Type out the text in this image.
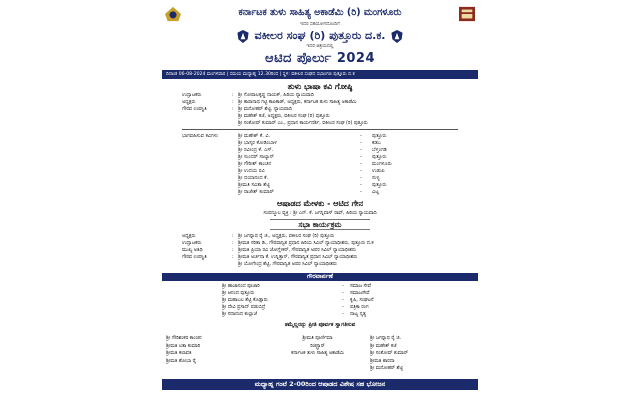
ಕರ್ನಾಟಕ ತುಳು ಸಾಹಿತ್ಯ ಅಕಾಡೆಮಿ (ರಿ) ಮಂಗಳೂರು
ಇದರ ಸಹಯೋಗದೊಂದಿಗೆ
ವಕೀಲರ ಸಂಘ (ರಿ) ಪುತ್ತೂರು ದ.ಕ.
ಇದರ ಆಶ್ರಯದಲ್ಲಿ
ಆಟಿದ ಪೊರ್ಲು 2024
ದಿನಾಂಕ 06-08-2024 ಮಂಗಳವಾರ | ಸಮಯ ಮಧ್ಯಾಹ್ನ 12.30ರಿಂದ | ಸ್ಥಳ: ವಕೀಲರ ಸಂಘದ ಸಭಾಂಗಣ ಪುತ್ತೂರು ದ.ಕ
ತುಳು ಭಾಷಾ ಕವಿ ಗೋಷ್ಠಿ
ಉದ್ಘಾಟಕರು	: ಶ್ರೀ ಗೋಪಾಲಕೃಷ್ಣ ನಾಯಕ್, ಹಿರಿಯ ನ್ಯಾಯವಾದಿ
ಅಧ್ಯಕ್ಷರು	: ಶ್ರೀ ತಾರಾನಾಥ ಗಟ್ಟಿ ಕಾಪಿಕಾಡ್, ಅಧ್ಯಕ್ಷರು, ಕರ್ನಾಟಕ ತುಳು ಸಾಹಿತ್ಯ ಅಕಾಡೆಮಿ
ಗೌರವ ಉಪಸ್ಥಿತಿ	: ಶ್ರೀ ಮನೋಹರ್ ಶೆಟ್ಟಿ, ನ್ಯಾಯವಾದಿ
ಶ್ರೀ ಮಹೇಶ್ ಕಜೆ, ಅಧ್ಯಕ್ಷರು, ವಕೀಲರ ಸಂಘ (ರಿ) ಪುತ್ತೂರು
ಶ್ರೀ ಸಂತೋಷ್ ಕುಮಾರ್ ಎಂ., ಪ್ರಧಾನ ಕಾರ್ಯದರ್ಶಿ, ವಕೀಲರ ಸಂಘ (ರಿ) ಪುತ್ತೂರು
ಭಾಗವಹಿಸುವ ಕವಿಗಳು	ಶ್ರೀ ಮಹೇಶ್ ಕೆ. ವಿ.	- ಪುತ್ತೂರು
ಶ್ರೀ ಭಾಸ್ಕರ ಕೋಡಿಂಬಾಳ	- ಕಡಬ
ಶ್ರೀ ರವೀಂದ್ರ ಕೆ. ಎಸ್.	- ಬೆಳ್ತಂಗಡಿ
ಶ್ರೀ ಸುಂದರ್ ಸಾಲ್ಯಾನ್	- ಪುತ್ತೂರು
ಶ್ರೀ ಗೌರೀಶ್ ಕಾಂಚನ	- ಮಂಗಳೂರು
ಶ್ರೀ ಉದಯ ರವಿ	- ಉಡುಪಿ
ಶ್ರೀ ದಯಾನಂದ ಕೆ.	- ಸುಳ್ಯ
ಶ್ರೀಮತಿ ಸವಿತಾ ಶೆಟ್ಟಿ	- ಪುತ್ತೂರು
ಶ್ರೀ ರಾಜೇಶ್ ಕುಮಾರ್	- ವಿಟ್ಲ
ಆಷಾಡದ ಮೇಳಕು - ಆಟಿದ ಗೇನ
ಸಂಪನ್ಮೂಲ ವ್ಯಕ್ತಿ : ಶ್ರೀ ಎನ್. ಕೆ. ಜಗನ್ನಿವಾಸ್ ರಾವ್, ಹಿರಿಯ ನ್ಯಾಯವಾದಿ
ಸಭಾ ಕಾರ್ಯಕ್ರಮ
ಅಧ್ಯಕ್ಷರು	: ಶ್ರೀ ಜಗನ್ನಾಥ ರೈ ಜಿ., ಅಧ್ಯಕ್ಷರು, ವಕೀಲರ ಸಂಘ (ರಿ) ಪುತ್ತೂರು
ಉದ್ಘಾಟಕರು	: ಶ್ರೀಮತಿ ಸರಿತಾ ಡಿ., ಗೌರವಾನ್ವಿತ ಪ್ರಧಾನ ಹಿರಿಯ ಸಿವಿಲ್ ನ್ಯಾಯಾಧೀಶರು, ಪುತ್ತೂರು ದ.ಕ
ಮುಖ್ಯ ಅತಿಥಿ	: ಶ್ರೀಮತಿ ಪ್ರಿಯಾ ರವಿ ಜೋಗ್ಲೇಕರ್, ಗೌರವಾನ್ವಿತ ಅಪರ ಸಿವಿಲ್ ನ್ಯಾಯಾಧೀಶರು
ಗೌರವ ಉಪಸ್ಥಿತಿ	: ಶ್ರೀಮತಿ ಅರ್ಚನಾ ಕೆ. ಉನ್ನಿತ್ತಾನ್, ಗೌರವಾನ್ವಿತ ಪ್ರಧಾನ ಸಿವಿಲ್ ನ್ಯಾಯಾಧೀಶರು
ಶ್ರೀ ಯೋಗೇಂದ್ರ ಶೆಟ್ಟಿ, ಗೌರವಾನ್ವಿತ ಅಪರ ಸಿವಿಲ್ ನ್ಯಾಯಾಧೀಶರು
ಗೌರವಾರ್ಪಣೆ
ಶ್ರೀ ಹಾಜಾನಂದ ಪೂಜಾರಿ	- ಸಮಾಜ ಸೇವೆ
ಶ್ರೀ ಆನಂದ ಪುತ್ತೂರು	- ಸಮಾಜಸೇವೆ
ಶ್ರೀ ಮಹಾಬಲ ಶೆಟ್ಟಿ ಕೊಡ್ಲಾರು	- ಕೃಷಿ, ಸಂಘಟನೆ
ಶ್ರೀ ದೇವಿ ಪ್ರಸಾದ್ ಪಡುಬಿದ್ರೆ	- ಪತ್ರಿಕಾ ರಂಗ
ಶ್ರೀ ಸದಾನಂದ ಕುಲ್ಲಾಜೆ	- ನಾಟ್ಯ ನೃತ್ಯ
ತಮ್ಮೆಲ್ಲರನ್ನು ಪ್ರೀತಿ ಪೂರ್ವಕ ಸ್ವಾಗತಿಸುವ
ಶ್ರೀ ಗೌರಿಶಂಕರ ಕಾಂಚನ
ಶ್ರೀಮತಿ ಲತಾ ಕುಮಾರಿ
ಶ್ರೀಮತಿ ಕಲಾವತಿ
ಶ್ರೀಮತಿ ಶೋಭಾ ರೈ
ಶ್ರೀಮತಿ ಪೂರ್ಣಿಮಾ
ರಿಜಿಸ್ಟ್ರಾರ್
ಕರ್ನಾಟಕ ತುಳು ಸಾಹಿತ್ಯ ಅಕಾಡೆಮಿ
ಶ್ರೀ ಜಗನ್ನಾಥ ರೈ ಜಿ.
ಶ್ರೀ ಮಹೇಶ್ ಕಜೆ
ಶ್ರೀ ಸಂತೋಷ್ ಕುಮಾರ್
ಶ್ರೀಮತಿ ಶಾರದಾ
ಶ್ರೀ ಮನೋಹರ್ ಶೆಟ್ಟಿ
ಮಧ್ಯಾಹ್ನ ಗಂಟೆ 2-00ರಿಂದ ಆಷಾಡದ ವಿಶೇಷ ಸಹ ಭೋಜನ
